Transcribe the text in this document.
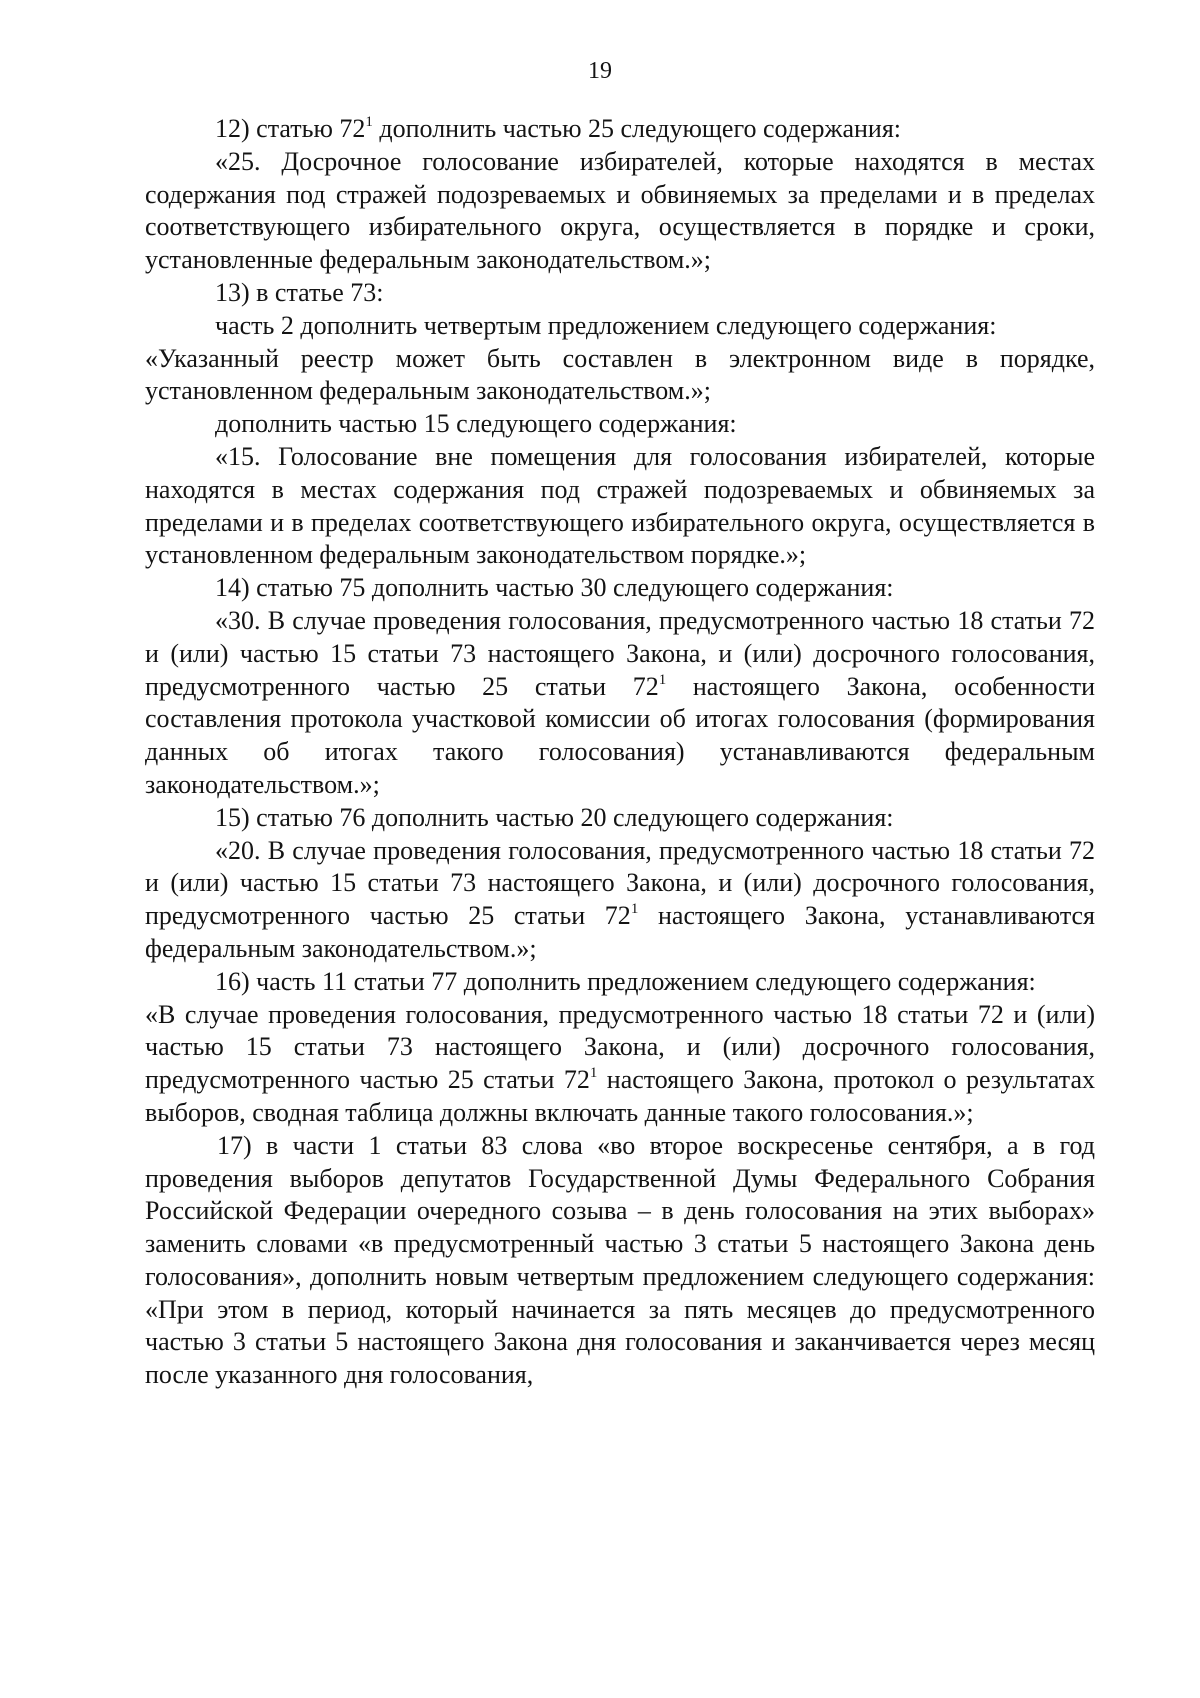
19

12) статью $72^1$ дополнить частью 25 следующего содержания:

«25. Досрочное голосование избирателей, которые находятся в местах содержания под стражей подозреваемых и обвиняемых за пределами и в пределах соответствующего избирательного округа, осуществляется в порядке и сроки, установленные федеральным законодательством.»;

13) в статье 73:

часть 2 дополнить четвертым предложением следующего содержания:

«Указанный реестр может быть составлен в электронном виде в порядке, установленном федеральным законодательством.»;

дополнить частью 15 следующего содержания:

«15. Голосование вне помещения для голосования избирателей, которые находятся в местах содержания под стражей подозреваемых и обвиняемых за пределами и в пределах соответствующего избирательного округа, осуществляется в установленном федеральным законодательством порядке.»;

14) статью 75 дополнить частью 30 следующего содержания:

«30. В случае проведения голосования, предусмотренного частью 18 статьи 72 и (или) частью 15 статьи 73 настоящего Закона, и (или) досрочного голосования, предусмотренного частью 25 статьи $72^1$ настоящего Закона, особенности составления протокола участковой комиссии об итогах голосования (формирования данных об итогах такого голосования) устанавливаются федеральным законодательством.»;

15) статью 76 дополнить частью 20 следующего содержания:

«20. В случае проведения голосования, предусмотренного частью 18 статьи 72 и (или) частью 15 статьи 73 настоящего Закона, и (или) досрочного голосования, предусмотренного частью 25 статьи $72^1$ настоящего Закона, устанавливаются федеральным законодательством.»;

16) часть 11 статьи 77 дополнить предложением следующего содержания:

«В случае проведения голосования, предусмотренного частью 18 статьи 72 и (или) частью 15 статьи 73 настоящего Закона, и (или) досрочного голосования, предусмотренного частью 25 статьи $72^1$ настоящего Закона, протокол о результатах выборов, сводная таблица должны включать данные такого голосования.»;

17) в части 1 статьи 83 слова «во второе воскресенье сентября, а в год проведения выборов депутатов Государственной Думы Федерального Собрания Российской Федерации очередного созыва – в день голосования на этих выборах» заменить словами «в предусмотренный частью 3 статьи 5 настоящего Закона день голосования», дополнить новым четвертым предложением следующего содержания: «При этом в период, который начинается за пять месяцев до предусмотренного частью 3 статьи 5 настоящего Закона дня голосования и заканчивается через месяц после указанного дня голосования,
